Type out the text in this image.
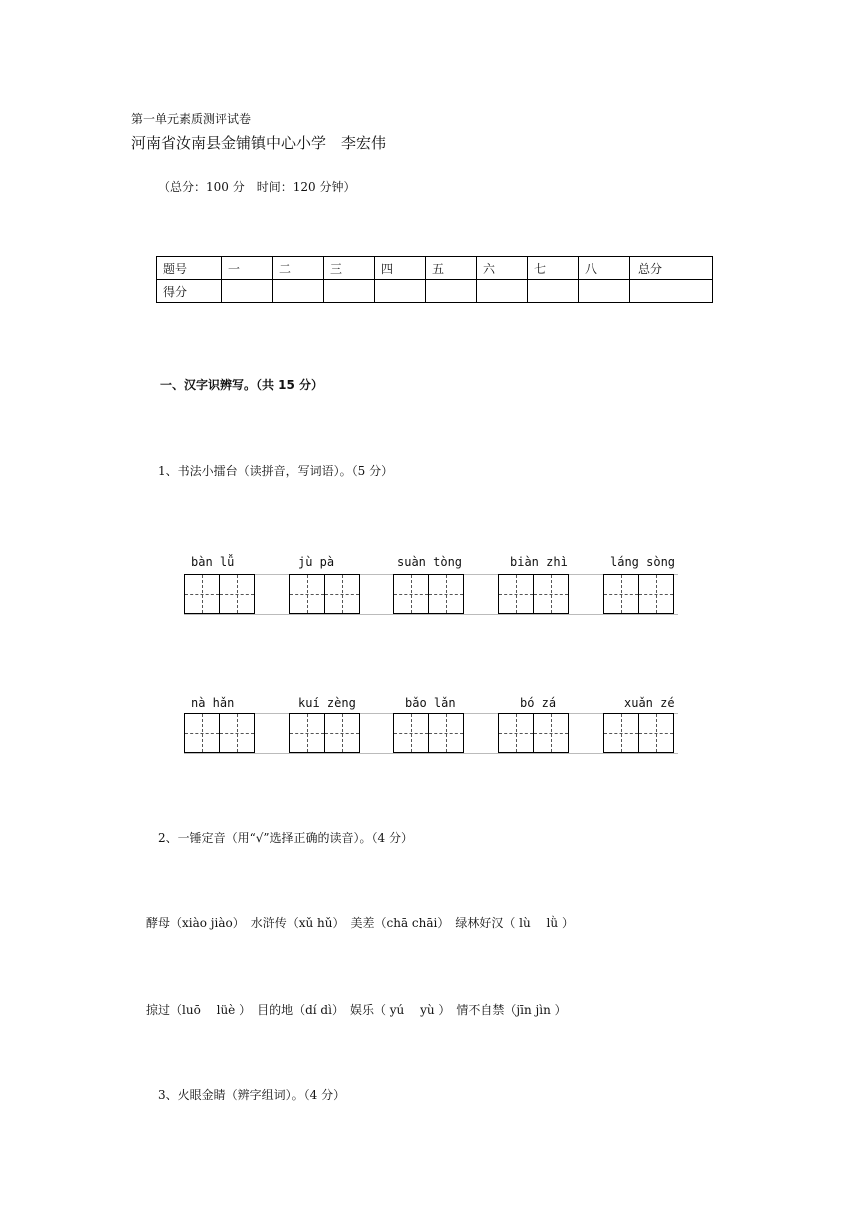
第一单元素质测评试卷
河南省汝南县金铺镇中心小学　李宏伟
（总分：100 分　时间：120 分钟）
题号	一	二	三	四	五	六	七	八	总分
得分									
一、汉字识辨写。（共 15 分）
1、书法小擂台（读拼音，写词语）。（5 分）
bàn lǚ	jù pà	suàn tòng	biàn zhì	láng sòng
nà hǎn	kuí zèng	bǎo lǎn	bó zá	xuǎn zé
2、一锤定音（用“√”选择正确的读音）。（4 分）
酵母（xiào jiào）　水浒传（xǔ hǔ）　美差（chā chāi）　绿林好汉（ lù　 lǜ ）
掠过（luō　 lüè ）　目的地（dí dì）　娱乐（ yú　 yù ）　情不自禁（jīn jìn ）
3、火眼金睛（辨字组词）。（4 分）
